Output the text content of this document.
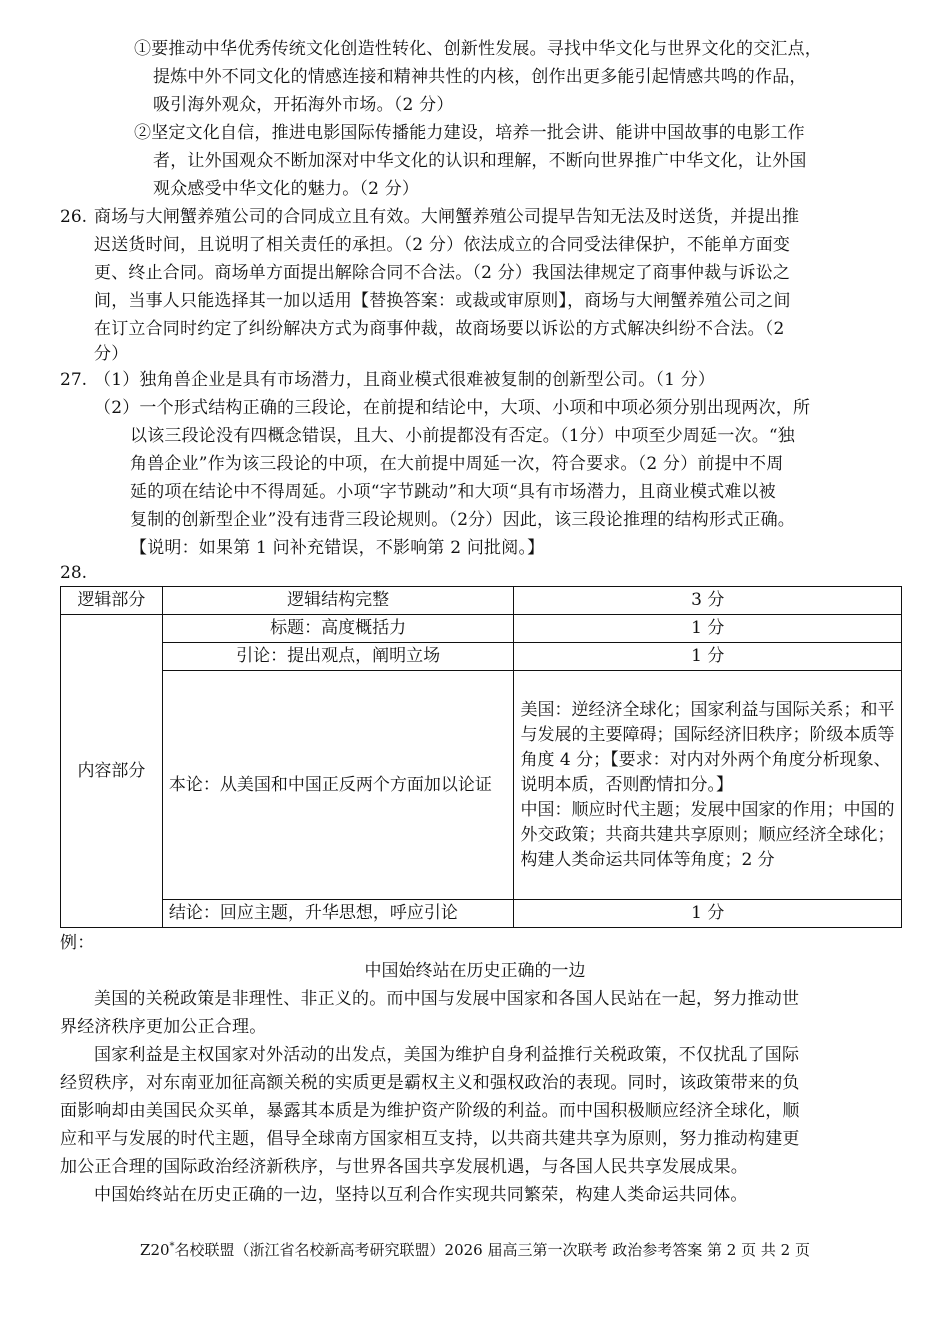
①要推动中华优秀传统文化创造性转化、创新性发展。寻找中华文化与世界文化的交汇点，
提炼中外不同文化的情感连接和精神共性的内核，创作出更多能引起情感共鸣的作品，
吸引海外观众，开拓海外市场。（2 分）
②坚定文化自信，推进电影国际传播能力建设，培养一批会讲、能讲中国故事的电影工作
者，让外国观众不断加深对中华文化的认识和理解，不断向世界推广中华文化，让外国
观众感受中华文化的魅力。（2 分）
26. 商场与大闸蟹养殖公司的合同成立且有效。大闸蟹养殖公司提早告知无法及时送货，并提出推
迟送货时间，且说明了相关责任的承担。（2 分）依法成立的合同受法律保护，不能单方面变
更、终止合同。商场单方面提出解除合同不合法。（2 分）我国法律规定了商事仲裁与诉讼之
间，当事人只能选择其一加以适用【替换答案：或裁或审原则】，商场与大闸蟹养殖公司之间
在订立合同时约定了纠纷解决方式为商事仲裁，故商场要以诉讼的方式解决纠纷不合法。（2
分）
27. （1）独角兽企业是具有市场潜力，且商业模式很难被复制的创新型公司。（1 分）
（2）一个形式结构正确的三段论，在前提和结论中，大项、小项和中项必须分别出现两次，所
以该三段论没有四概念错误，且大、小前提都没有否定。（1分）中项至少周延一次。“独
角兽企业”作为该三段论的中项，在大前提中周延一次，符合要求。（2 分）前提中不周
延的项在结论中不得周延。小项“字节跳动”和大项“具有市场潜力，且商业模式难以被
复制的创新型企业”没有违背三段论规则。（2分）因此，该三段论推理的结构形式正确。
【说明：如果第 1 问补充错误，不影响第 2 问批阅。】
28.
逻辑部分	逻辑结构完整	3 分
内容部分	标题：高度概括力	1 分
	引论：提出观点，阐明立场	1 分

	本论：从美国和中国正反两个方面加以论证	美国：逆经济全球化；国家利益与国际关系；和平与发展的主要障碍；国际经济旧秩序；阶级本质等角度 4 分；【要求：对内对外两个角度分析现象、说明本质，否则酌情扣分。】
中国：顺应时代主题；发展中国家的作用；中国的外交政策；共商共建共享原则；顺应经济全球化；构建人类命运共同体等角度；2 分

	结论：回应主题，升华思想，呼应引论	1 分
例：
中国始终站在历史正确的一边
美国的关税政策是非理性、非正义的。而中国与发展中国家和各国人民站在一起，努力推动世
界经济秩序更加公正合理。
国家利益是主权国家对外活动的出发点，美国为维护自身利益推行关税政策，不仅扰乱了国际
经贸秩序，对东南亚加征高额关税的实质更是霸权主义和强权政治的表现。同时，该政策带来的负
面影响却由美国民众买单，暴露其本质是为维护资产阶级的利益。而中国积极顺应经济全球化，顺
应和平与发展的时代主题，倡导全球南方国家相互支持，以共商共建共享为原则，努力推动构建更
加公正合理的国际政治经济新秩序，与世界各国共享发展机遇，与各国人民共享发展成果。
中国始终站在历史正确的一边，坚持以互利合作实现共同繁荣，构建人类命运共同体。
Z20*名校联盟（浙江省名校新高考研究联盟）2026 届高三第一次联考 政治参考答案 第 2 页 共 2 页
